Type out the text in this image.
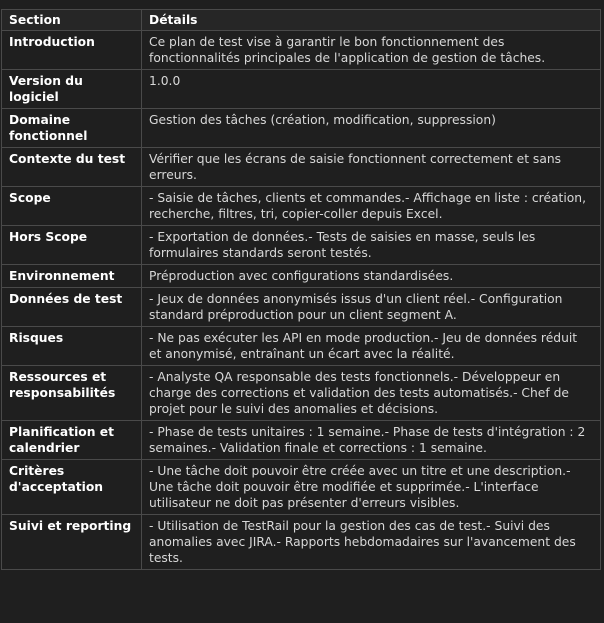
Section	Détails
Introduction	Ce plan de test vise à garantir le bon fonctionnement des fonctionnalités principales de l'application de gestion de tâches.
Version du logiciel	1.0.0
Domaine fonctionnel	Gestion des tâches (création, modification, suppression)
Contexte du test	Vérifier que les écrans de saisie fonctionnent correctement et sans erreurs.
Scope	- Saisie de tâches, clients et commandes.- Affichage en liste : création, recherche, filtres, tri, copier-coller depuis Excel.
Hors Scope	- Exportation de données.- Tests de saisies en masse, seuls les formulaires standards seront testés.
Environnement	Préproduction avec configurations standardisées.
Données de test	- Jeux de données anonymisés issus d'un client réel.- Configuration standard préproduction pour un client segment A.
Risques	- Ne pas exécuter les API en mode production.- Jeu de données réduit et anonymisé, entraînant un écart avec la réalité.
Ressources et responsabilités	- Analyste QA responsable des tests fonctionnels.- Développeur en charge des corrections et validation des tests automatisés.- Chef de projet pour le suivi des anomalies et décisions.
Planification et calendrier	- Phase de tests unitaires : 1 semaine.- Phase de tests d'intégration : 2 semaines.- Validation finale et corrections : 1 semaine.
Critères d'acceptation	- Une tâche doit pouvoir être créée avec un titre et une description.- Une tâche doit pouvoir être modifiée et supprimée.- L'interface utilisateur ne doit pas présenter d'erreurs visibles.
Suivi et reporting	- Utilisation de TestRail pour la gestion des cas de test.- Suivi des anomalies avec JIRA.- Rapports hebdomadaires sur l'avancement des tests.
